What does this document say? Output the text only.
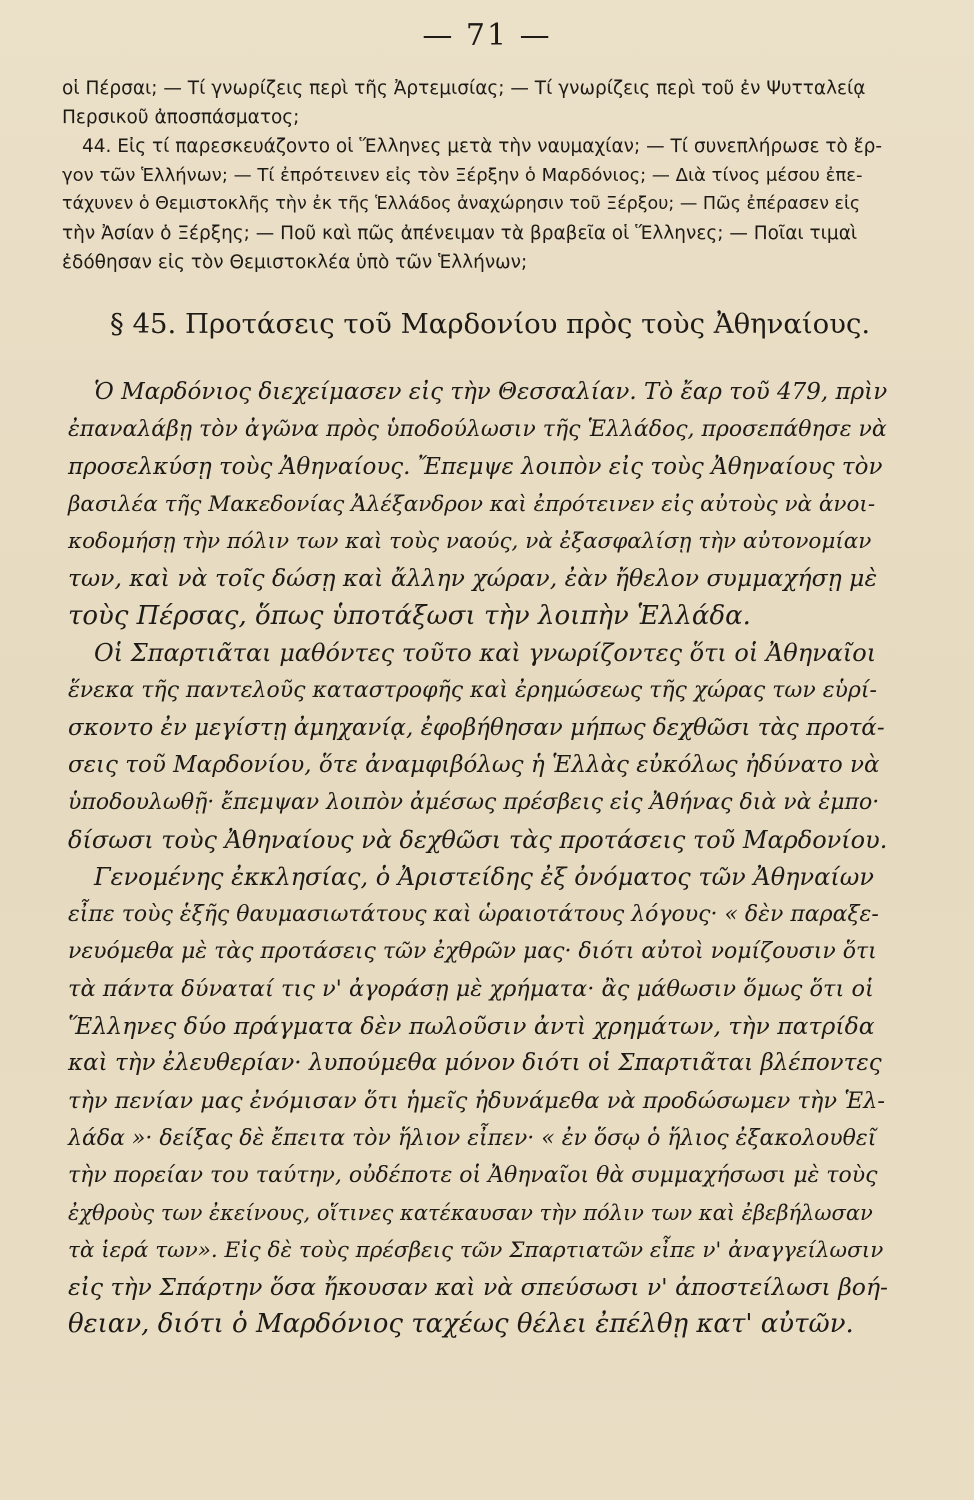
— 71 —
οἱ Πέρσαι; — Τί γνωρίζεις περὶ τῆς Ἀρτεμισίας; — Τί γνωρίζεις περὶ τοῦ ἐν Ψυτταλείᾳ
Περσικοῦ ἀποσπάσματος;
44. Εἰς τί παρεσκευάζοντο οἱ Ἕλληνες μετὰ τὴν ναυμαχίαν; — Τί συνεπλήρωσε τὸ ἔρ-
γον τῶν Ἑλλήνων; — Τί ἐπρότεινεν εἰς τὸν Ξέρξην ὁ Μαρδόνιος; — Διὰ τίνος μέσου ἐπε-
τάχυνεν ὁ Θεμιστοκλῆς τὴν ἐκ τῆς Ἑλλάδος ἀναχώρησιν τοῦ Ξέρξου; — Πῶς ἐπέρασεν εἰς
τὴν Ἀσίαν ὁ Ξέρξης; — Ποῦ καὶ πῶς ἀπένειμαν τὰ βραβεῖα οἱ Ἕλληνες; — Ποῖαι τιμαὶ
ἐδόθησαν εἰς τὸν Θεμιστοκλέα ὑπὸ τῶν Ἑλλήνων;
§ 45. Προτάσεις τοῦ Μαρδονίου πρὸς τοὺς Ἀθηναίους.
Ὁ Μαρδόνιος διεχείμασεν εἰς τὴν Θεσσαλίαν. Τὸ ἔαρ τοῦ 479, πρὶν
ἐπαναλάβῃ τὸν ἀγῶνα πρὸς ὑποδούλωσιν τῆς Ἑλλάδος, προσεπάθησε νὰ
προσελκύσῃ τοὺς Ἀθηναίους. Ἔπεμψε λοιπὸν εἰς τοὺς Ἀθηναίους τὸν
βασιλέα τῆς Μακεδονίας Ἀλέξανδρον καὶ ἐπρότεινεν εἰς αὐτοὺς νὰ ἀνοι-
κοδομήσῃ τὴν πόλιν των καὶ τοὺς ναούς, νὰ ἐξασφαλίσῃ τὴν αὐτονομίαν
των, καὶ νὰ τοῖς δώσῃ καὶ ἄλλην χώραν, ἐὰν ἤθελον συμμαχήσῃ μὲ
τοὺς Πέρσας, ὅπως ὑποτάξωσι τὴν λοιπὴν Ἑλλάδα.
Οἱ Σπαρτιᾶται μαθόντες τοῦτο καὶ γνωρίζοντες ὅτι οἱ Ἀθηναῖοι
ἕνεκα τῆς παντελοῦς καταστροφῆς καὶ ἐρημώσεως τῆς χώρας των εὑρί-
σκοντο ἐν μεγίστῃ ἀμηχανίᾳ, ἐφοβήθησαν μήπως δεχθῶσι τὰς προτά-
σεις τοῦ Μαρδονίου, ὅτε ἀναμφιβόλως ἡ Ἑλλὰς εὐκόλως ἠδύνατο νὰ
ὑποδουλωθῇ· ἔπεμψαν λοιπὸν ἀμέσως πρέσβεις εἰς Ἀθήνας διὰ νὰ ἐμπο·
δίσωσι τοὺς Ἀθηναίους νὰ δεχθῶσι τὰς προτάσεις τοῦ Μαρδονίου.
Γενομένης ἐκκλησίας, ὁ Ἀριστείδης ἐξ ὀνόματος τῶν Ἀθηναίων
εἶπε τοὺς ἑξῆς θαυμασιωτάτους καὶ ὡραιοτάτους λόγους· « δὲν παραξε-
νευόμεθα μὲ τὰς προτάσεις τῶν ἐχθρῶν μας· διότι αὐτοὶ νομίζουσιν ὅτι
τὰ πάντα δύναταί τις ν' ἀγοράσῃ μὲ χρήματα· ἂς μάθωσιν ὅμως ὅτι οἱ
Ἕλληνες δύο πράγματα δὲν πωλοῦσιν ἀντὶ χρημάτων, τὴν πατρίδα
καὶ τὴν ἐλευθερίαν· λυπούμεθα μόνον διότι οἱ Σπαρτιᾶται βλέποντες
τὴν πενίαν μας ἐνόμισαν ὅτι ἡμεῖς ἠδυνάμεθα νὰ προδώσωμεν τὴν Ἑλ-
λάδα »· δείξας δὲ ἔπειτα τὸν ἥλιον εἶπεν· « ἐν ὅσῳ ὁ ἥλιος ἐξακολουθεῖ
τὴν πορείαν του ταύτην, οὐδέποτε οἱ Ἀθηναῖοι θὰ συμμαχήσωσι μὲ τοὺς
ἐχθροὺς των ἐκείνους, οἵτινες κατέκαυσαν τὴν πόλιν των καὶ ἐβεβήλωσαν
τὰ ἱερά των». Εἰς δὲ τοὺς πρέσβεις τῶν Σπαρτιατῶν εἶπε ν' ἀναγγείλωσιν
εἰς τὴν Σπάρτην ὅσα ἤκουσαν καὶ νὰ σπεύσωσι ν' ἀποστείλωσι βοή-
θειαν, διότι ὁ Μαρδόνιος ταχέως θέλει ἐπέλθῃ κατ' αὐτῶν.
